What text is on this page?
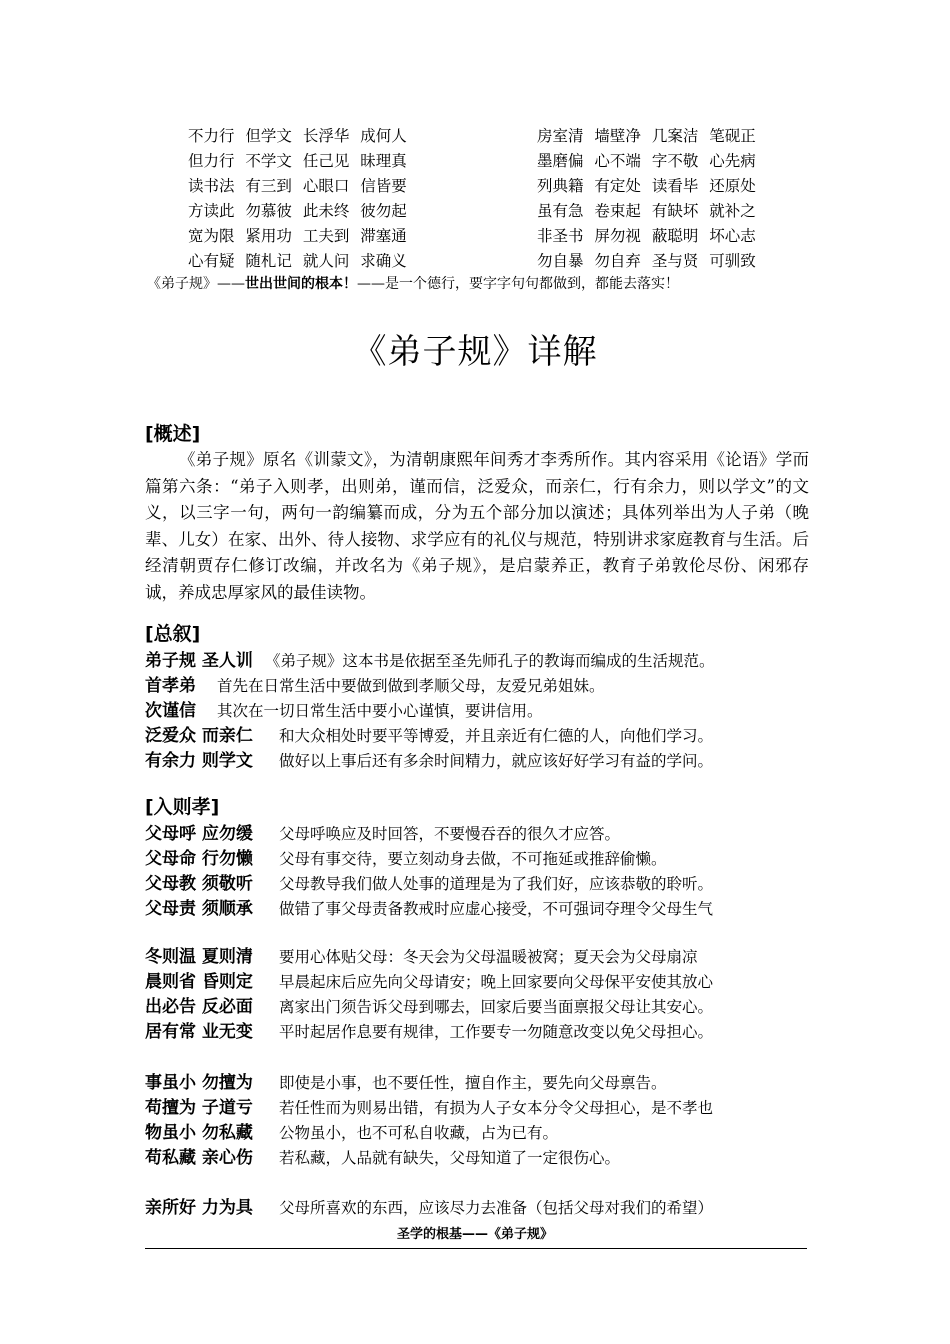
不力行 但学文 长浮华 成何人
但力行 不学文 任己见 昧理真
读书法 有三到 心眼口 信皆要
方读此 勿慕彼 此未终 彼勿起
宽为限 紧用功 工夫到 滞塞通
心有疑 随札记 就人问 求确义
房室清 墙壁净 几案洁 笔砚正
墨磨偏 心不端 字不敬 心先病
列典籍 有定处 读看毕 还原处
虽有急 卷束起 有缺坏 就补之
非圣书 屏勿视 蔽聪明 坏心志
勿自暴 勿自弃 圣与贤 可驯致
《弟子规》——世出世间的根本！——是一个德行，要字字句句都做到，都能去落实！
《弟子规》详解
[概述]
《弟子规》原名《训蒙文》，为清朝康熙年间秀才李秀所作。其内容采用《论语》学而篇第六条：“弟子入则孝，出则弟，谨而信，泛爱众，而亲仁，行有余力，则以学文”的文义，以三字一句，两句一韵编纂而成，分为五个部分加以演述；具体列举出为人子弟（晚辈、儿女）在家、出外、待人接物、求学应有的礼仪与规范，特别讲求家庭教育与生活。后经清朝贾存仁修订改编，并改名为《弟子规》，是启蒙养正，教育子弟敦伦尽份、闲邪存诚，养成忠厚家风的最佳读物。
[总叙]
弟子规 圣人训 《弟子规》这本书是依据至圣先师孔子的教诲而编成的生活规范。
首孝弟 首先在日常生活中要做到做到孝顺父母，友爱兄弟姐妹。
次谨信 其次在一切日常生活中要小心谨慎，要讲信用。
泛爱众 而亲仁 和大众相处时要平等博爱，并且亲近有仁德的人，向他们学习。
有余力 则学文 做好以上事后还有多余时间精力，就应该好好学习有益的学问。
[入则孝]
父母呼 应勿缓 父母呼唤应及时回答，不要慢吞吞的很久才应答。
父母命 行勿懒 父母有事交待，要立刻动身去做，不可拖延或推辞偷懒。
父母教 须敬听 父母教导我们做人处事的道理是为了我们好，应该恭敬的聆听。
父母责 须顺承 做错了事父母责备教戒时应虚心接受，不可强词夺理令父母生气
冬则温 夏则清 要用心体贴父母：冬天会为父母温暖被窝；夏天会为父母扇凉
晨则省 昏则定 早晨起床后应先向父母请安；晚上回家要向父母保平安使其放心
出必告 反必面 离家出门须告诉父母到哪去，回家后要当面禀报父母让其安心。
居有常 业无变 平时起居作息要有规律，工作要专一勿随意改变以免父母担心。
事虽小 勿擅为 即使是小事，也不要任性，擅自作主，要先向父母禀告。
苟擅为 子道亏 若任性而为则易出错，有损为人子女本分令父母担心，是不孝也
物虽小 勿私藏 公物虽小，也不可私自收藏，占为已有。
苟私藏 亲心伤 若私藏，人品就有缺失，父母知道了一定很伤心。
亲所好 力为具 父母所喜欢的东西，应该尽力去准备（包括父母对我们的希望）
圣学的根基——《弟子规》
